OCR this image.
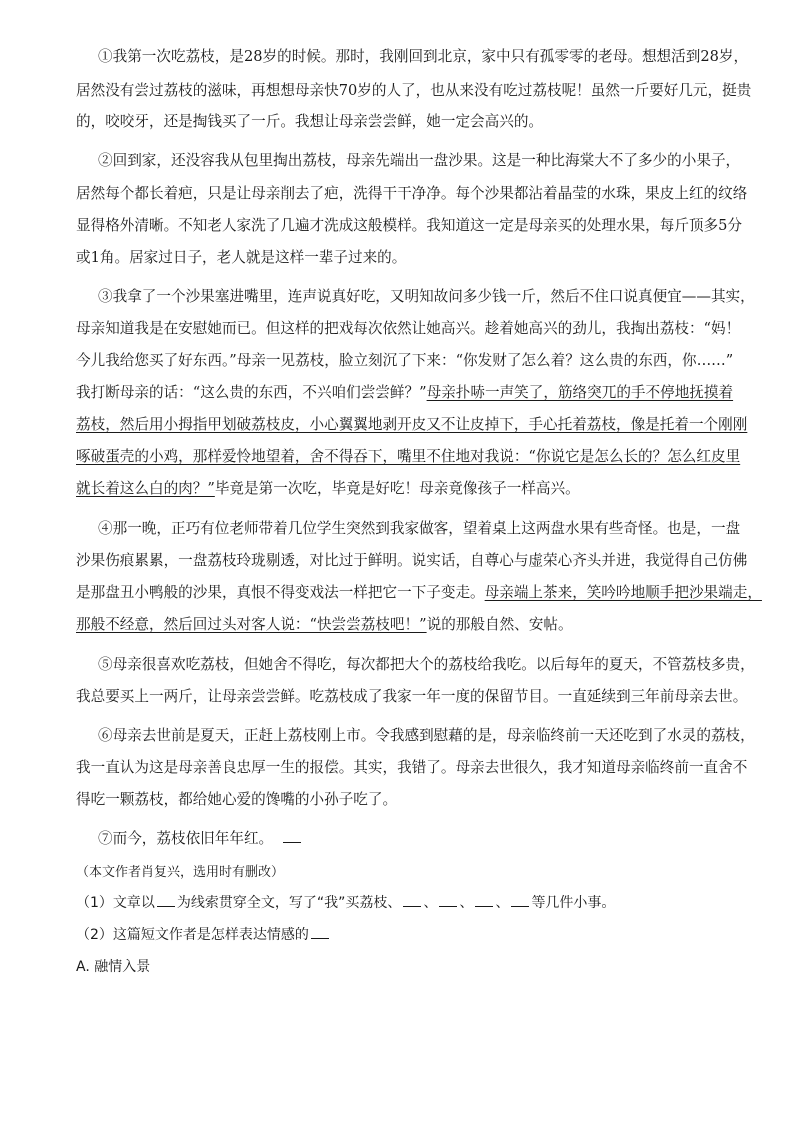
①我第一次吃荔枝，是28岁的时候。那时，我刚回到北京，家中只有孤零零的老母。想想活到28岁，
居然没有尝过荔枝的滋味，再想想母亲快70岁的人了，也从来没有吃过荔枝呢！虽然一斤要好几元，挺贵
的，咬咬牙，还是掏钱买了一斤。我想让母亲尝尝鲜，她一定会高兴的。
②回到家，还没容我从包里掏出荔枝，母亲先端出一盘沙果。这是一种比海棠大不了多少的小果子，
居然每个都长着疤，只是让母亲削去了疤，洗得干干净净。每个沙果都沾着晶莹的水珠，果皮上红的纹络
显得格外清晰。不知老人家洗了几遍才洗成这般模样。我知道这一定是母亲买的处理水果，每斤顶多5分
或1角。居家过日子，老人就是这样一辈子过来的。
③我拿了一个沙果塞进嘴里，连声说真好吃，又明知故问多少钱一斤，然后不住口说真便宜——其实，
母亲知道我是在安慰她而已。但这样的把戏每次依然让她高兴。趁着她高兴的劲儿，我掏出荔枝：“妈！
今儿我给您买了好东西。”母亲一见荔枝，脸立刻沉了下来：“你发财了怎么着？这么贵的东西，你……”
我打断母亲的话：“这么贵的东西，不兴咱们尝尝鲜？”母亲扑哧一声笑了，筋络突兀的手不停地抚摸着
荔枝，然后用小拇指甲划破荔枝皮，小心翼翼地剥开皮又不让皮掉下，手心托着荔枝，像是托着一个刚刚
啄破蛋壳的小鸡，那样爱怜地望着，舍不得吞下，嘴里不住地对我说：“你说它是怎么长的？怎么红皮里
就长着这么白的肉？”毕竟是第一次吃，毕竟是好吃！母亲竟像孩子一样高兴。
④那一晚，正巧有位老师带着几位学生突然到我家做客，望着桌上这两盘水果有些奇怪。也是，一盘
沙果伤痕累累，一盘荔枝玲珑剔透，对比过于鲜明。说实话，自尊心与虚荣心齐头并进，我觉得自己仿佛
是那盘丑小鸭般的沙果，真恨不得变戏法一样把它一下子变走。母亲端上茶来，笑吟吟地顺手把沙果端走，
那般不经意，然后回过头对客人说：“快尝尝荔枝吧！”说的那般自然、安帖。
⑤母亲很喜欢吃荔枝，但她舍不得吃，每次都把大个的荔枝给我吃。以后每年的夏天，不管荔枝多贵，
我总要买上一两斤，让母亲尝尝鲜。吃荔枝成了我家一年一度的保留节目。一直延续到三年前母亲去世。
⑥母亲去世前是夏天，正赶上荔枝刚上市。令我感到慰藉的是，母亲临终前一天还吃到了水灵的荔枝，
我一直认为这是母亲善良忠厚一生的报偿。其实，我错了。母亲去世很久，我才知道母亲临终前一直舍不
得吃一颗荔枝，都给她心爱的馋嘴的小孙子吃了。
⑦而今，荔枝依旧年年红。
（本文作者肖复兴，选用时有删改）
（1）文章以 为线索贯穿全文，写了“我”买荔枝、 、 、 、 等几件小事。
（2）这篇短文作者是怎样表达情感的
A. 融情入景
